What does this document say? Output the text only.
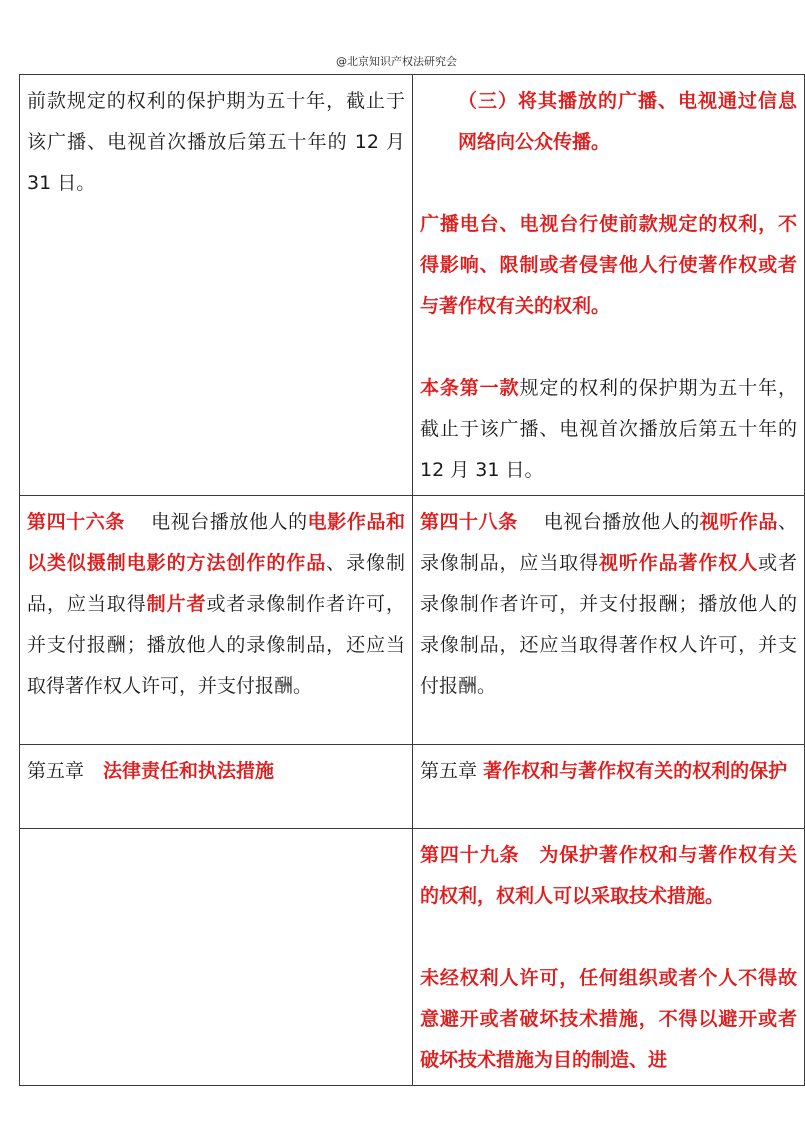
@北京知识产权法研究会

前款规定的权利的保护期为五十年，截止于该广播、电视首次播放后第五十年的 12 月 31 日。	（三）将其播放的广播、电视通过信息网络向公众传播。

广播电台、电视台行使前款规定的权利，不得影响、限制或者侵害他人行使著作权或者与著作权有关的权利。

本条第一款规定的权利的保护期为五十年，截止于该广播、电视首次播放后第五十年的 12 月 31 日。

第四十六条　 电视台播放他人的电影作品和以类似摄制电影的方法创作的作品、录像制品，应当取得制片者或者录像制作者许可，并支付报酬；播放他人的录像制品，还应当取得著作权人许可，并支付报酬。	第四十八条　 电视台播放他人的视听作品、录像制品，应当取得视听作品著作权人或者录像制作者许可，并支付报酬；播放他人的录像制品，还应当取得著作权人许可，并支付报酬。

第五章　 法律责任和执法措施	第五章 著作权和与著作权有关的权利的保护

	第四十九条　 为保护著作权和与著作权有关的权利，权利人可以采取技术措施。

未经权利人许可，任何组织或者个人不得故意避开或者破坏技术措施，不得以避开或者破坏技术措施为目的制造、进
